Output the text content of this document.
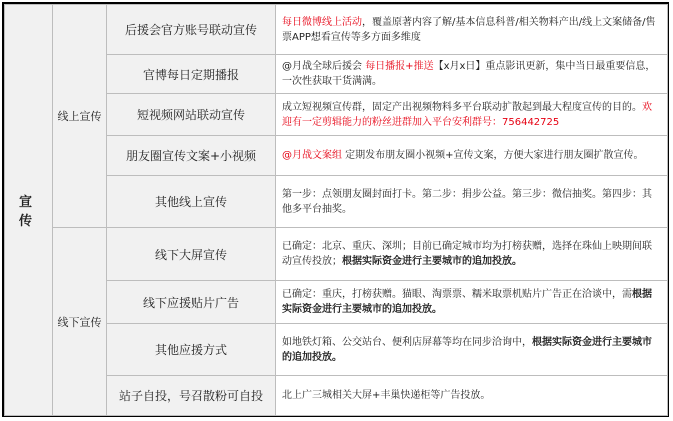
宣 传	线上宣传	后援会官方账号联动宣传	每日微博线上活动，覆盖原著内容了解/基本信息科普/相关物料产出/线上文案储备/售票APP想看宣传等多方面多维度
		官博每日定期播报	@月战全球后援会 每日播报+推送【x月x日】重点影讯更新，集中当日最重要信息，一次性获取干货满满。
		短视频网站联动宣传	成立短视频宣传群，固定产出视频物料多平台联动扩散起到最大程度宣传的目的。欢迎有一定剪辑能力的粉丝进群加入平台安利群号：756442725
		朋友圈宣传文案+小视频	@月战文案组 定期发布朋友圈小视频+宣传文案，方便大家进行朋友圈扩散宣传。
		其他线上宣传	第一步：点领朋友圈封面打卡。第二步：捐步公益。第三步：微信抽奖。第四步：其他多平台抽奖。
	线下宣传	线下大屏宣传	已确定：北京、重庆、深圳；目前已确定城市均为打榜获赠，选择在珠仙上映期间联动宣传投放；根据实际资金进行主要城市的追加投放。
		线下应援贴片广告	已确定：重庆，打榜获赠。猫眼、淘票票、糯米取票机贴片广告正在洽谈中，需根据实际资金进行主要城市的追加投放。
		其他应援方式	如地铁灯箱、公交站台、便利店屏幕等均在同步洽询中，根据实际资金进行主要城市的追加投放。
		站子自投，号召散粉可自投	北上广三城相关大屏+丰巢快递柜等广告投放。
